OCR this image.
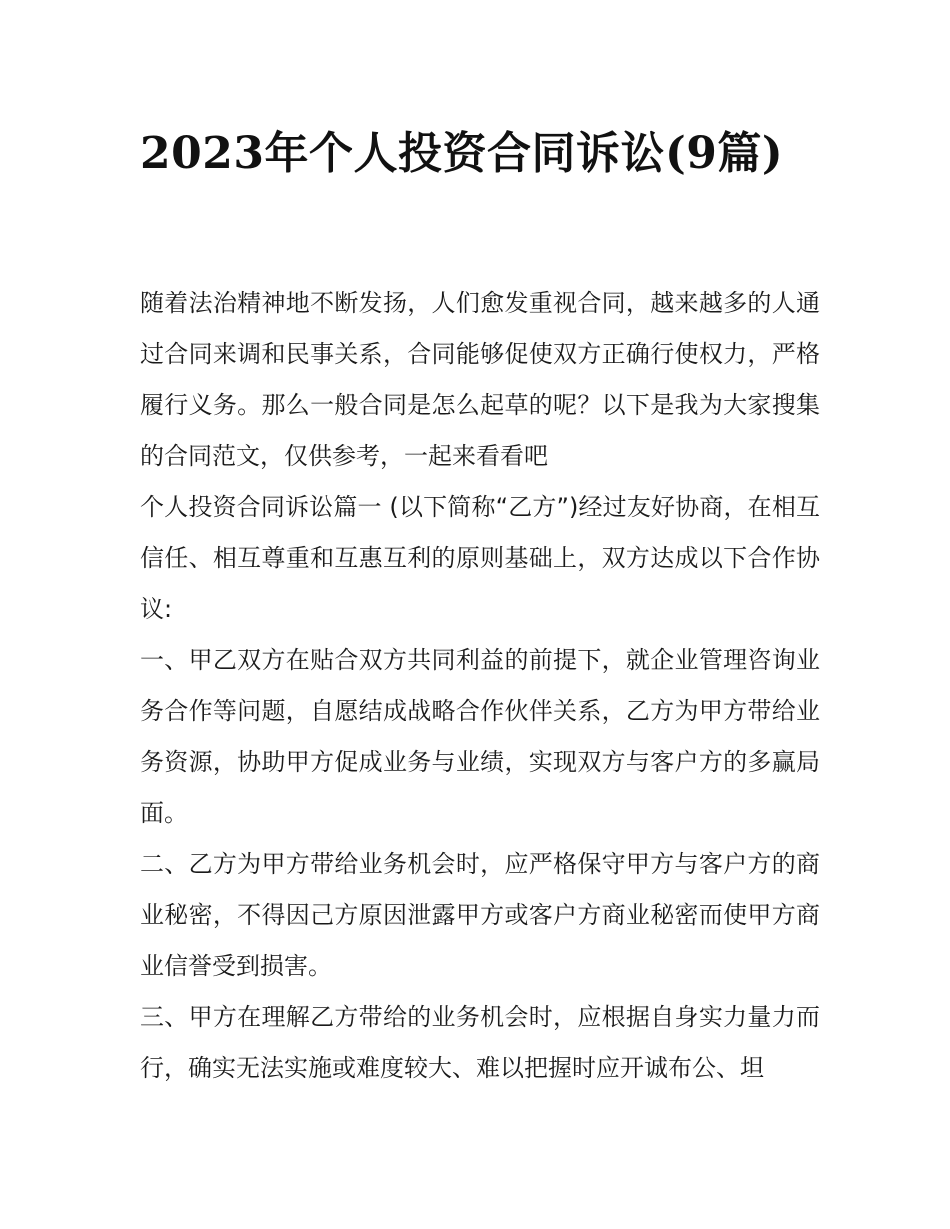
2023年个人投资合同诉讼(9篇)

随着法治精神地不断发扬，人们愈发重视合同，越来越多的人通过合同来调和民事关系，合同能够促使双方正确行使权力，严格履行义务。那么一般合同是怎么起草的呢？以下是我为大家搜集的合同范文，仅供参考，一起来看看吧

个人投资合同诉讼篇一 (以下简称“乙方”)经过友好协商，在相互信任、相互尊重和互惠互利的原则基础上，双方达成以下合作协议:

一、甲乙双方在贴合双方共同利益的前提下，就企业管理咨询业务合作等问题，自愿结成战略合作伙伴关系，乙方为甲方带给业务资源，协助甲方促成业务与业绩，实现双方与客户方的多赢局面。

二、乙方为甲方带给业务机会时，应严格保守甲方与客户方的商业秘密，不得因己方原因泄露甲方或客户方商业秘密而使甲方商业信誉受到损害。

三、甲方在理解乙方带给的业务机会时，应根据自身实力量力而行，确实无法实施或难度较大、难以把握时应开诚布公、坦
